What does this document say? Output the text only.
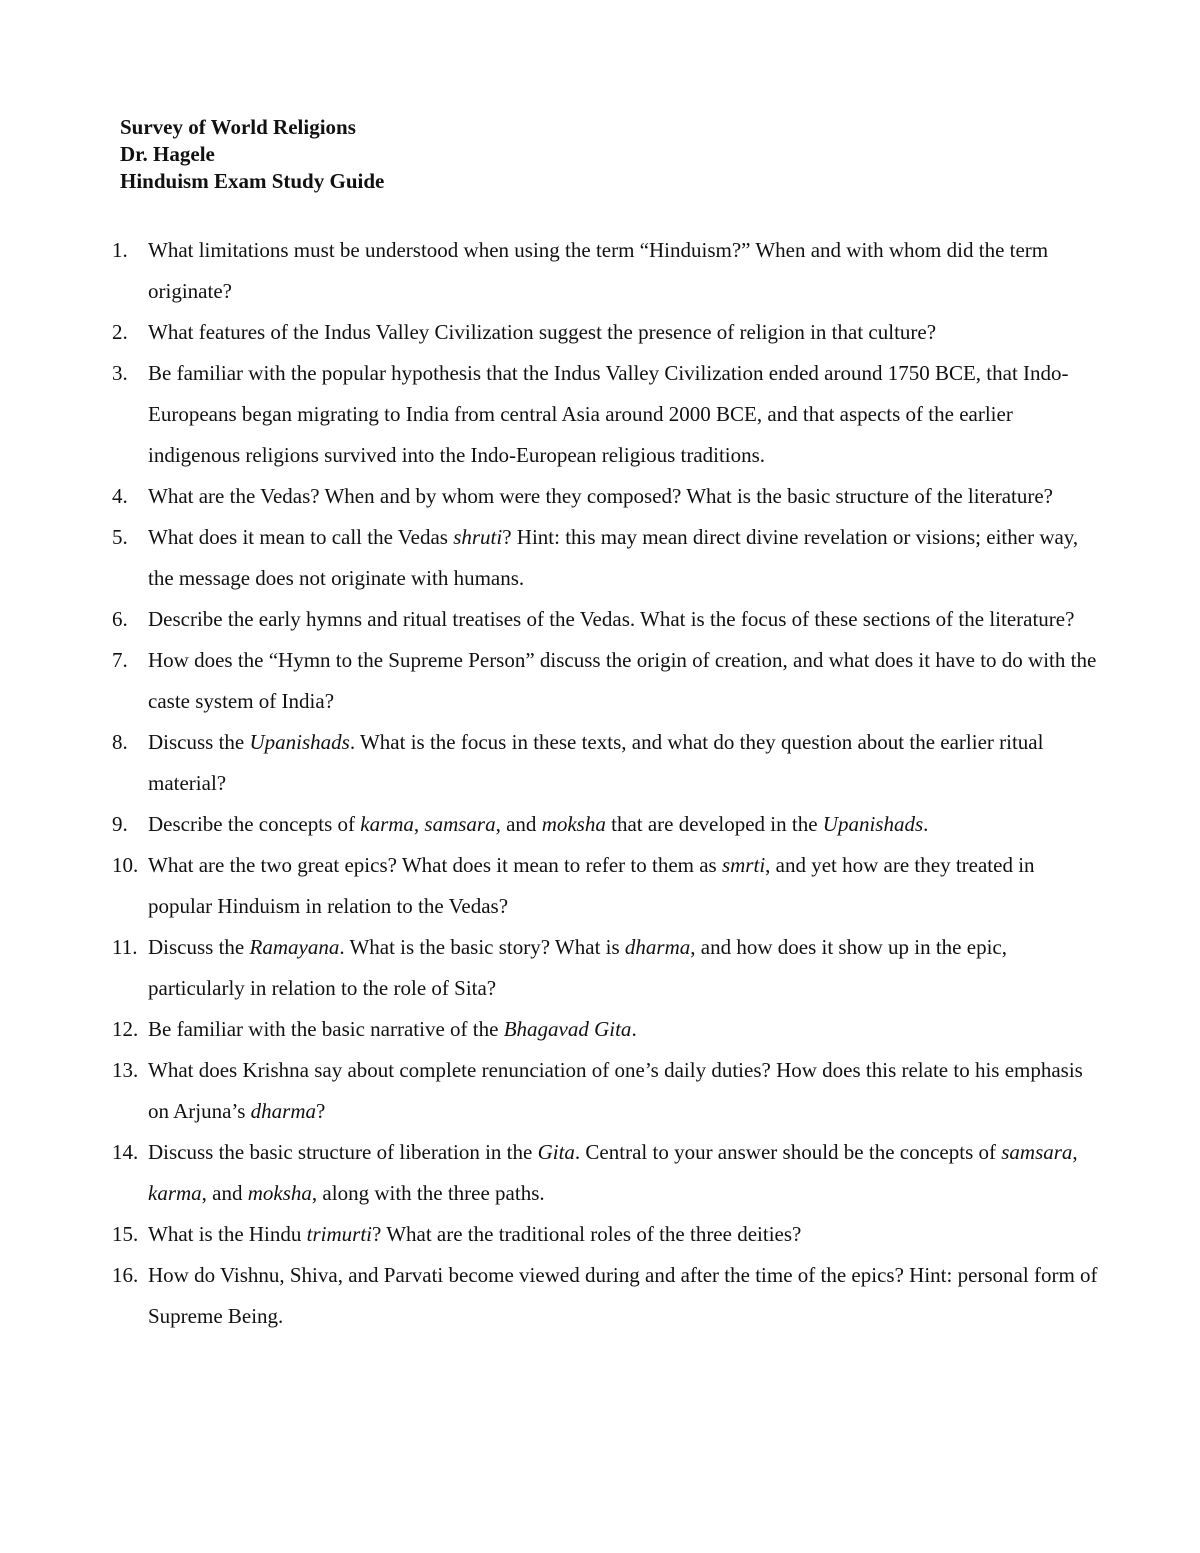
Survey of World Religions
Dr. Hagele
Hinduism Exam Study Guide
1. What limitations must be understood when using the term “Hinduism?” When and with whom did the term originate?
2. What features of the Indus Valley Civilization suggest the presence of religion in that culture?
3. Be familiar with the popular hypothesis that the Indus Valley Civilization ended around 1750 BCE, that Indo-Europeans began migrating to India from central Asia around 2000 BCE, and that aspects of the earlier indigenous religions survived into the Indo-European religious traditions.
4. What are the Vedas? When and by whom were they composed? What is the basic structure of the literature?
5. What does it mean to call the Vedas shruti? Hint: this may mean direct divine revelation or visions; either way, the message does not originate with humans.
6. Describe the early hymns and ritual treatises of the Vedas. What is the focus of these sections of the literature?
7. How does the “Hymn to the Supreme Person” discuss the origin of creation, and what does it have to do with the caste system of India?
8. Discuss the Upanishads. What is the focus in these texts, and what do they question about the earlier ritual material?
9. Describe the concepts of karma, samsara, and moksha that are developed in the Upanishads.
10. What are the two great epics? What does it mean to refer to them as smrti, and yet how are they treated in popular Hinduism in relation to the Vedas?
11. Discuss the Ramayana. What is the basic story? What is dharma, and how does it show up in the epic, particularly in relation to the role of Sita?
12. Be familiar with the basic narrative of the Bhagavad Gita.
13. What does Krishna say about complete renunciation of one’s daily duties? How does this relate to his emphasis on Arjuna’s dharma?
14. Discuss the basic structure of liberation in the Gita. Central to your answer should be the concepts of samsara, karma, and moksha, along with the three paths.
15. What is the Hindu trimurti? What are the traditional roles of the three deities?
16. How do Vishnu, Shiva, and Parvati become viewed during and after the time of the epics? Hint: personal form of Supreme Being.
